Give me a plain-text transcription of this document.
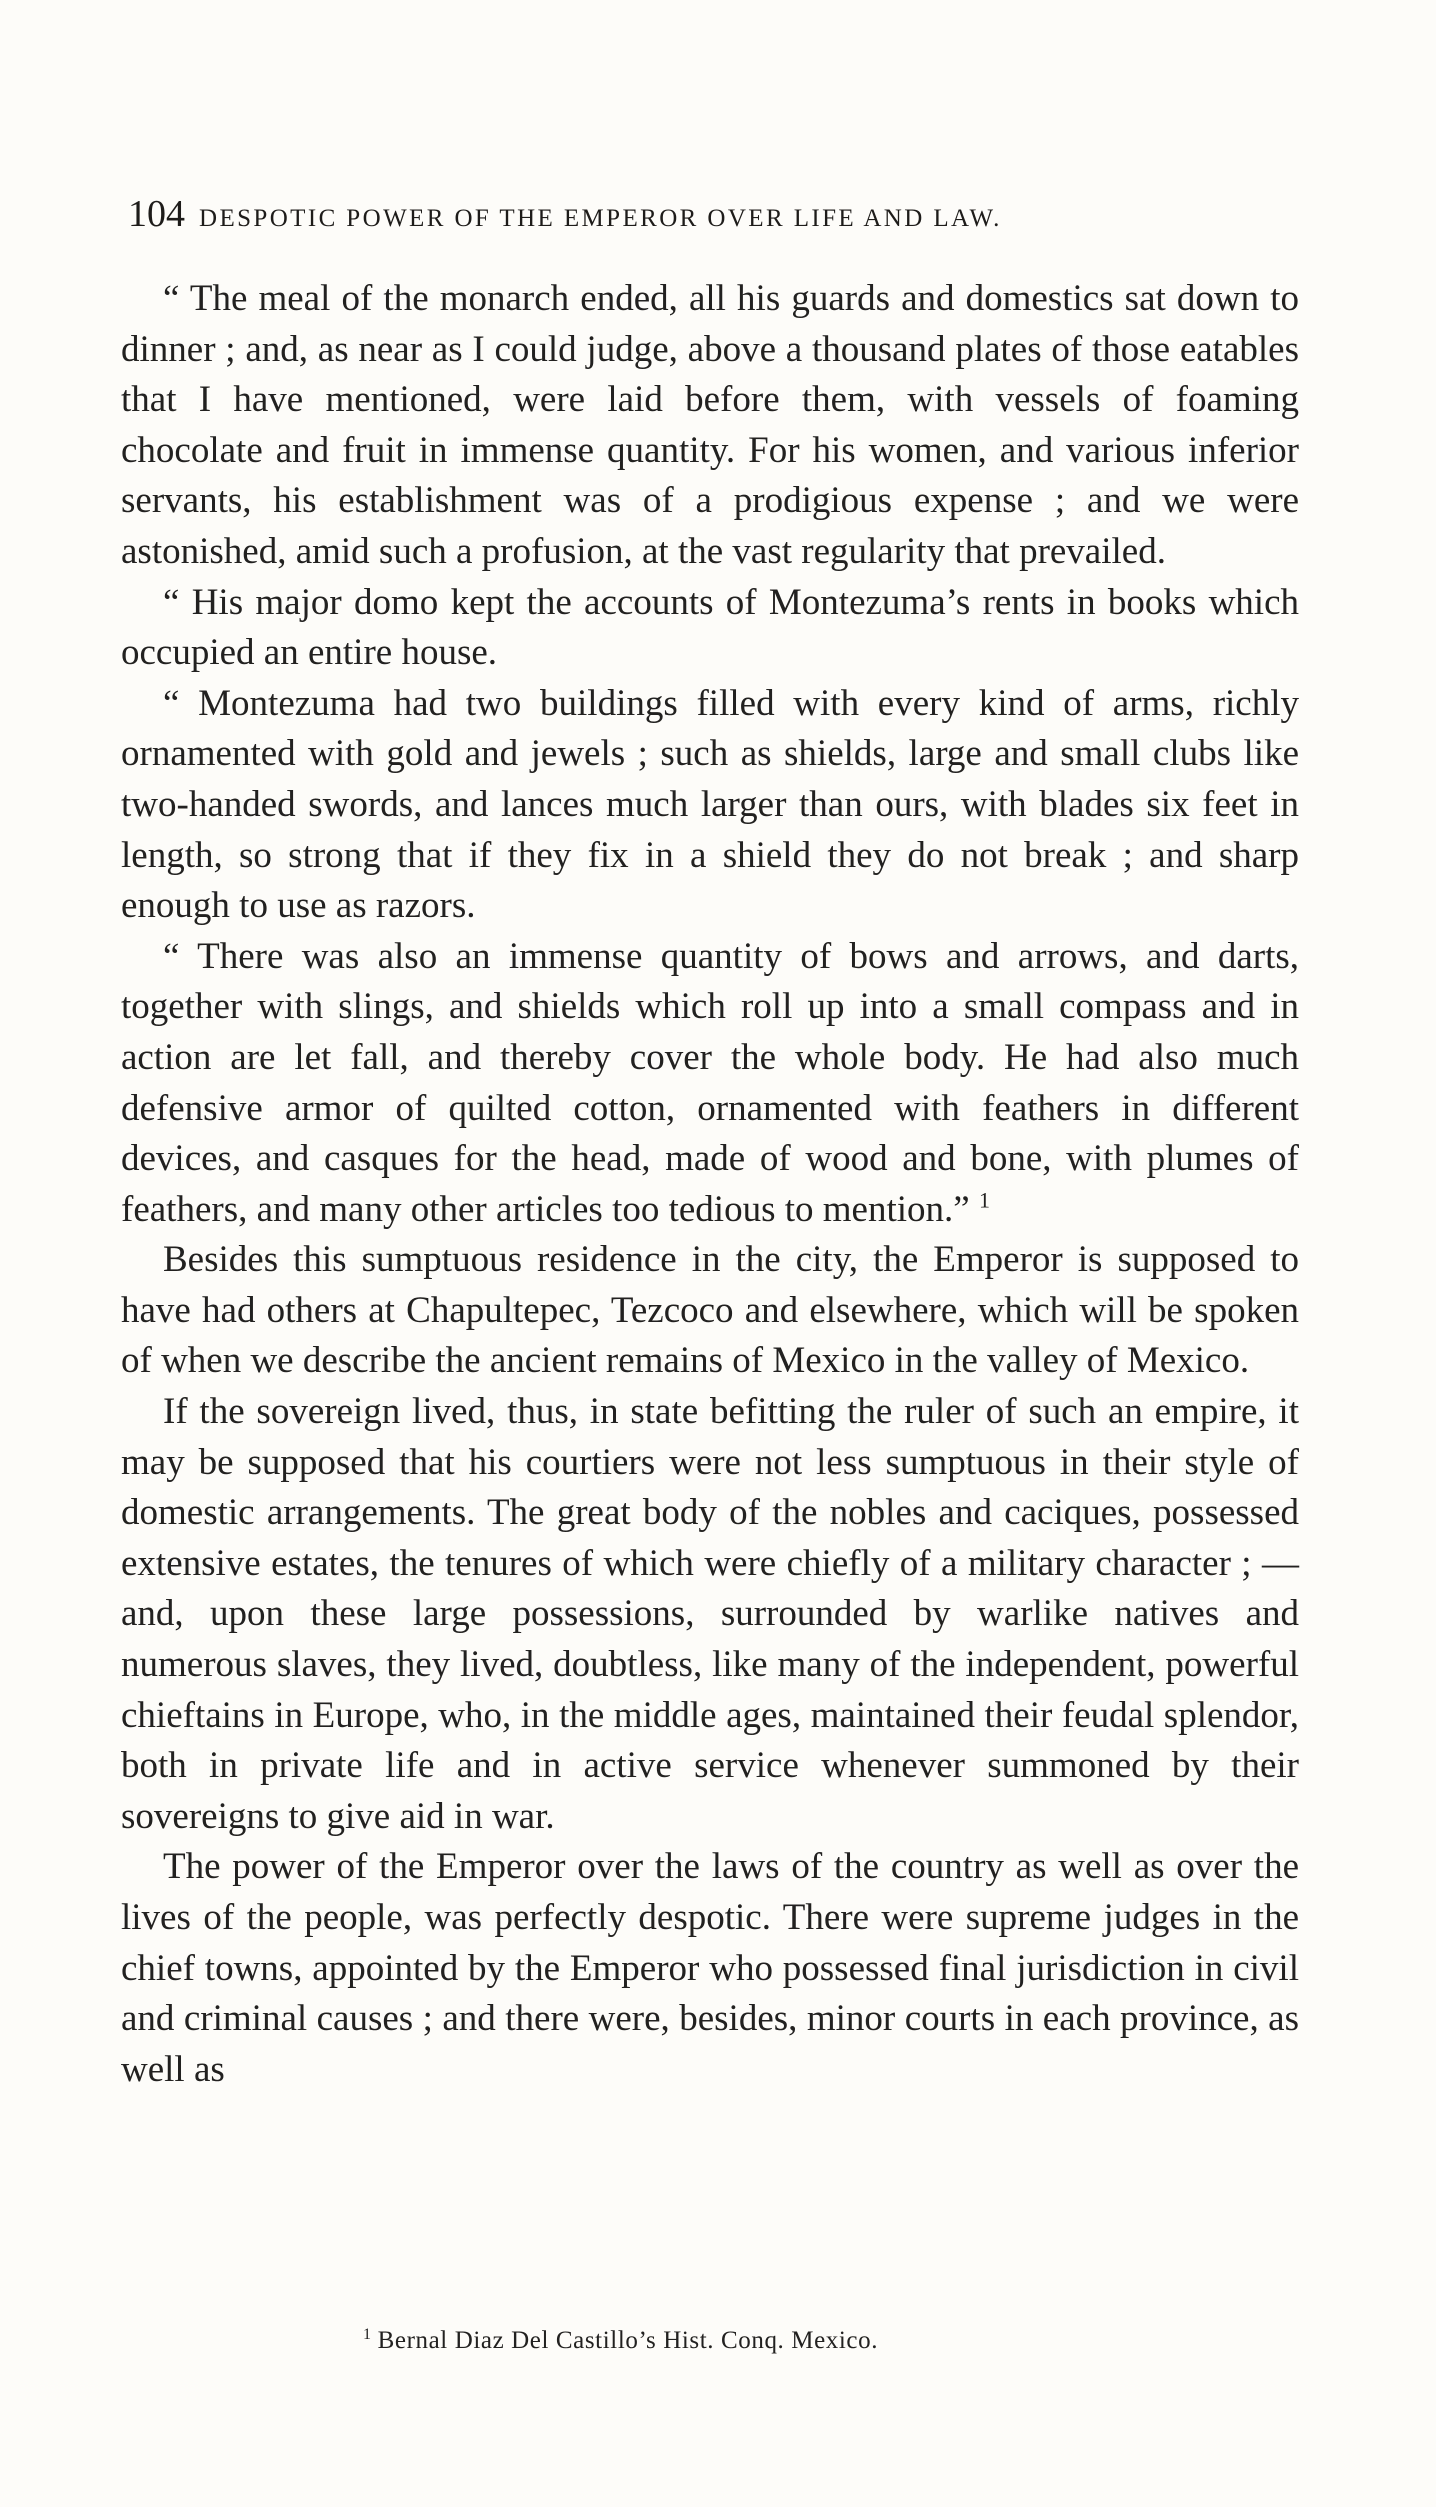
104 DESPOTIC POWER OF THE EMPEROR OVER LIFE AND LAW.

“ The meal of the monarch ended, all his guards and domestics sat down to dinner ; and, as near as I could judge, above a thousand plates of those eatables that I have mentioned, were laid before them, with vessels of foaming chocolate and fruit in immense quantity. For his women, and various inferior servants, his establishment was of a prodigious expense ; and we were astonished, amid such a profusion, at the vast regularity that prevailed.

“ His major domo kept the accounts of Montezuma’s rents in books which occupied an entire house.

“ Montezuma had two buildings filled with every kind of arms, richly ornamented with gold and jewels ; such as shields, large and small clubs like two-handed swords, and lances much larger than ours, with blades six feet in length, so strong that if they fix in a shield they do not break ; and sharp enough to use as razors.

“ There was also an immense quantity of bows and arrows, and darts, together with slings, and shields which roll up into a small compass and in action are let fall, and thereby cover the whole body. He had also much defensive armor of quilted cotton, ornamented with feathers in different devices, and casques for the head, made of wood and bone, with plumes of feathers, and many other articles too tedious to mention.” $^1$

Besides this sumptuous residence in the city, the Emperor is supposed to have had others at Chapultepec, Tezcoco and elsewhere, which will be spoken of when we describe the ancient remains of Mexico in the valley of Mexico.

If the sovereign lived, thus, in state befitting the ruler of such an empire, it may be supposed that his courtiers were not less sumptuous in their style of domestic arrangements. The great body of the nobles and caciques, possessed extensive estates, the tenures of which were chiefly of a military character ; — and, upon these large possessions, surrounded by warlike natives and numerous slaves, they lived, doubtless, like many of the independent, powerful chieftains in Europe, who, in the middle ages, maintained their feudal splendor, both in private life and in active service whenever summoned by their sovereigns to give aid in war.

The power of the Emperor over the laws of the country as well as over the lives of the people, was perfectly despotic. There were supreme judges in the chief towns, appointed by the Emperor who possessed final jurisdiction in civil and criminal causes ; and there were, besides, minor courts in each province, as well as

$^1$ Bernal Diaz Del Castillo’s Hist. Conq. Mexico.
